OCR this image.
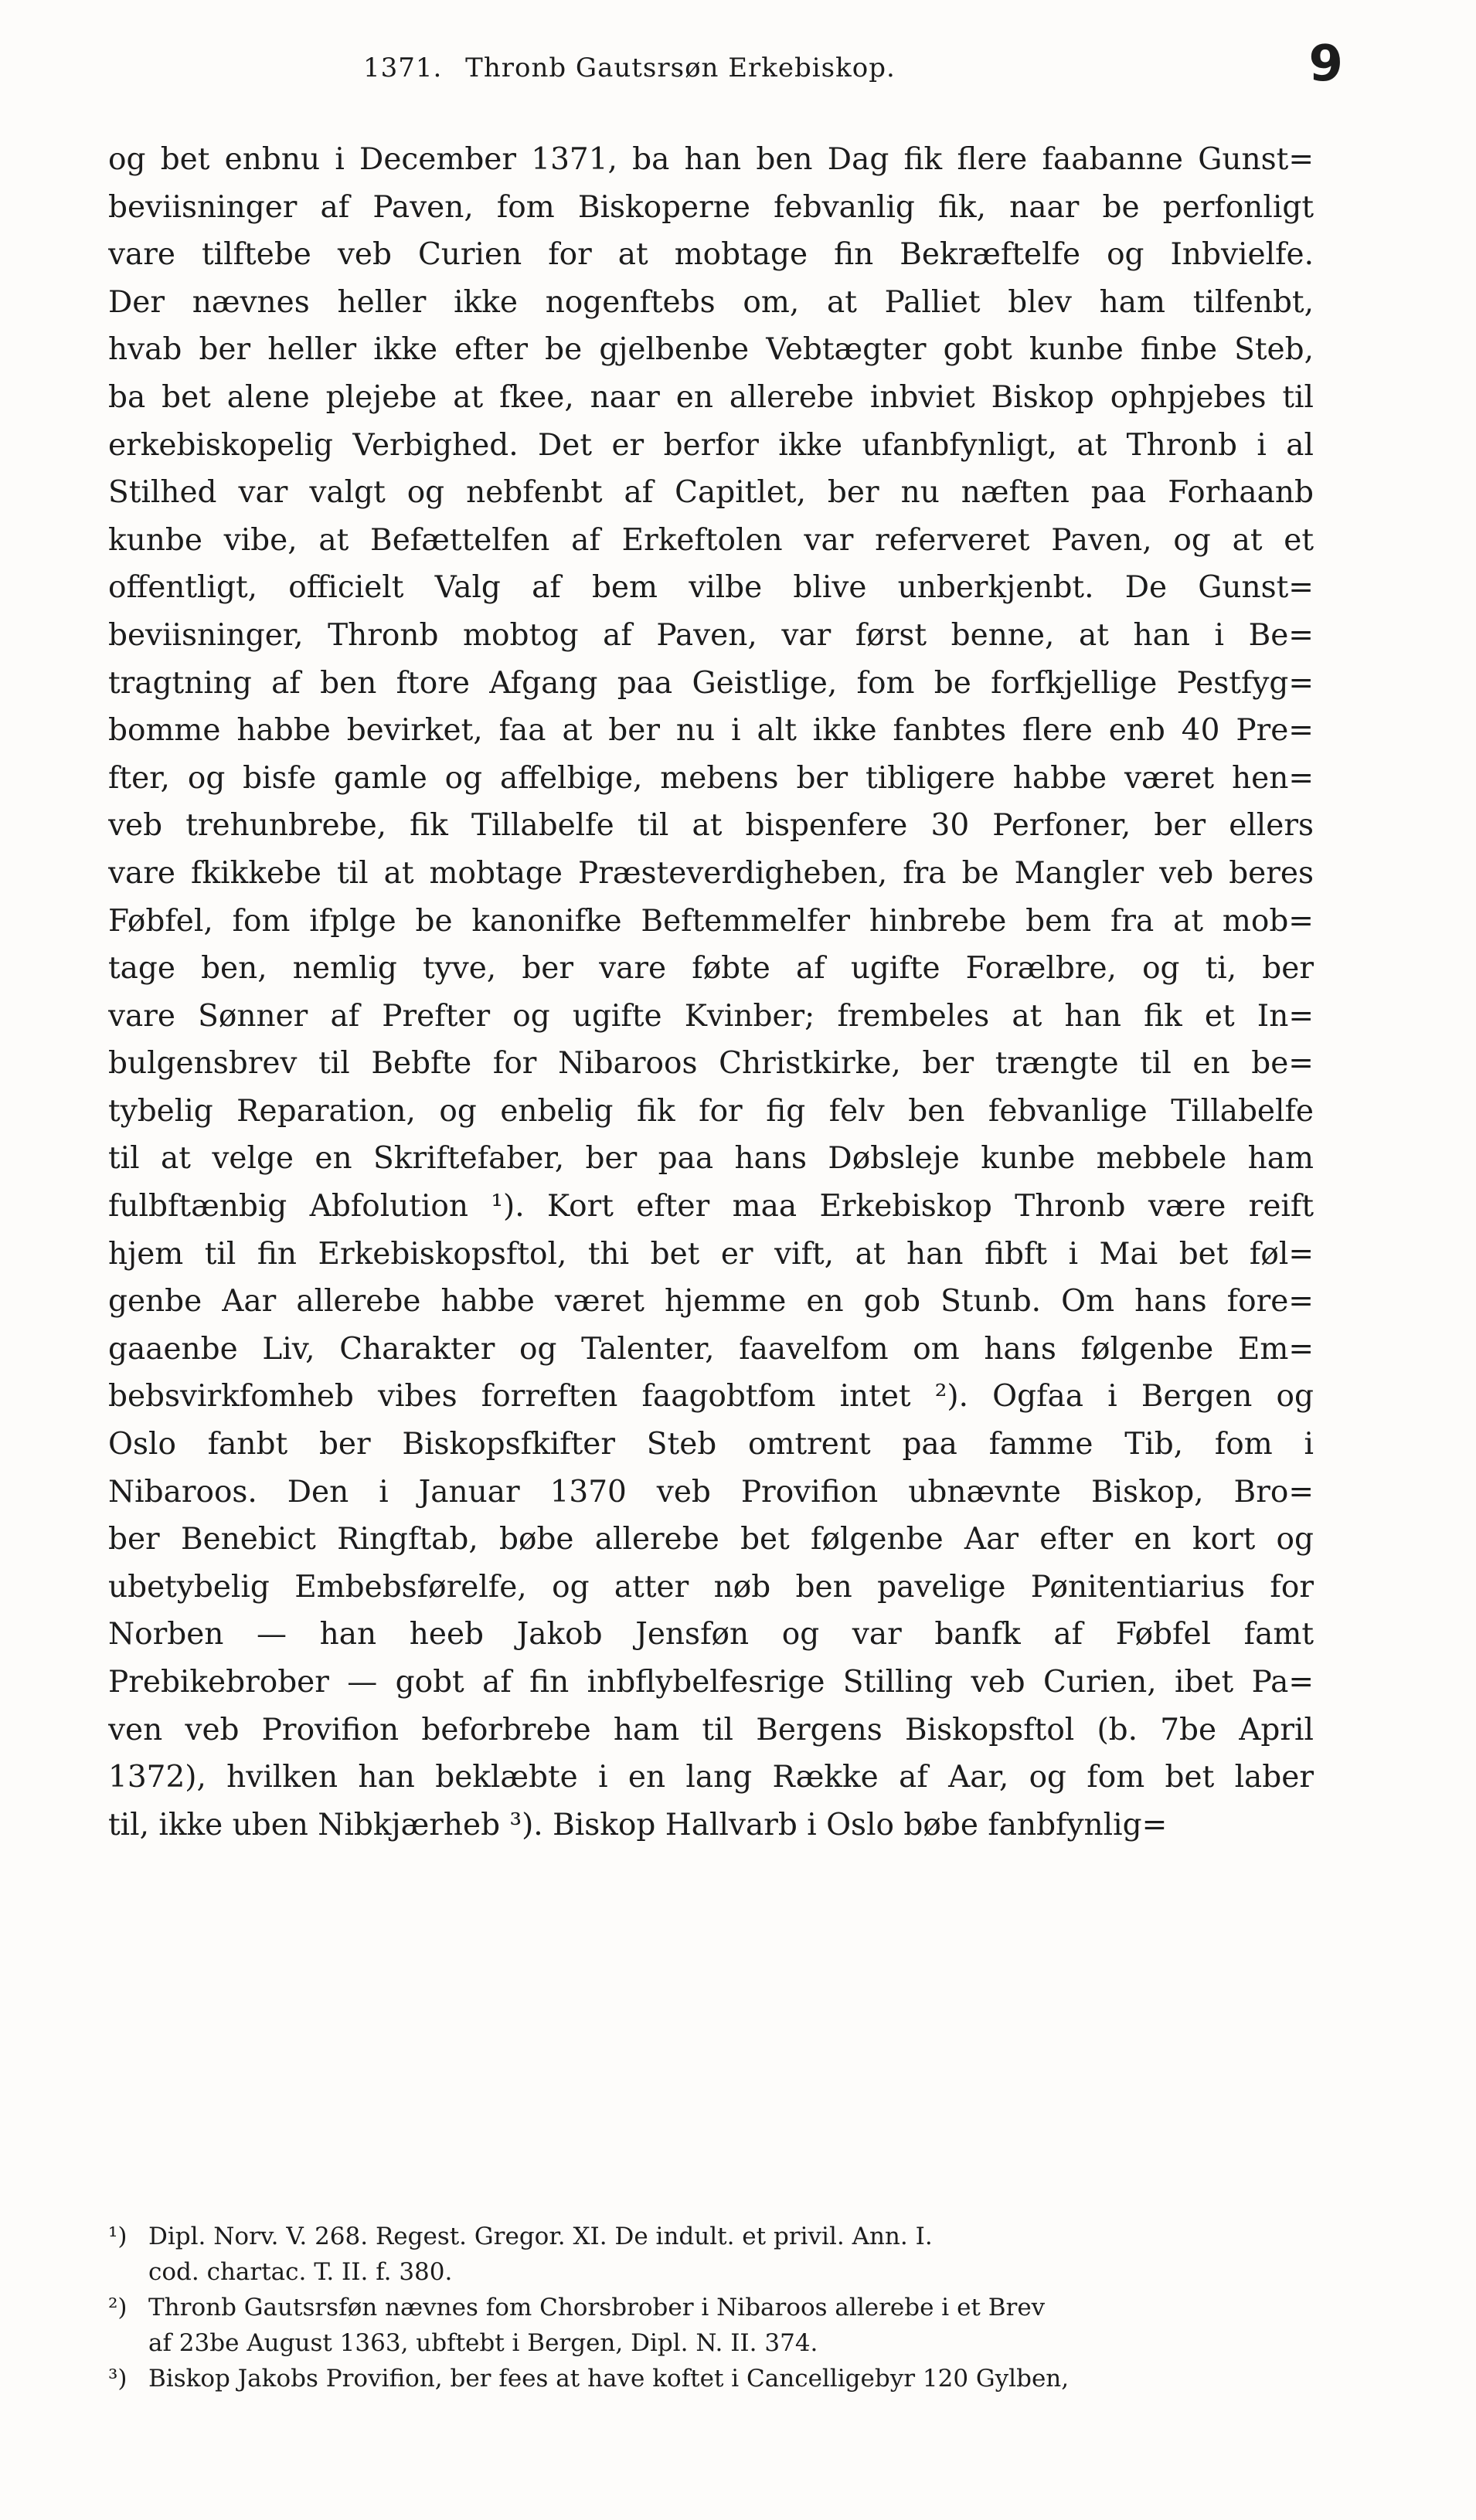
1371. Thronb Gautsrsøn Erkebiskop.	9
og bet enbnu i December 1371, ba han ben Dag fik flere faabanne Gunst=
beviisninger af Paven, fom Biskoperne febvanlig fik, naar be perfonligt
vare tilftebe veb Curien for at mobtage fin Bekræftelfe og Inbvielfe.
Der nævnes heller ikke nogenftebs om, at Palliet blev ham tilfenbt,
hvab ber heller ikke efter be gjelbenbe Vebtægter gobt kunbe finbe Steb,
ba bet alene plejebe at fkee, naar en allerebe inbviet Biskop ophpjebes til
erkebiskopelig Verbighed. Det er berfor ikke ufanbfynligt, at Thronb i al
Stilhed var valgt og nebfenbt af Capitlet, ber nu næften paa Forhaanb
kunbe vibe, at Befættelfen af Erkeftolen var referveret Paven, og at et
offentligt, officielt Valg af bem vilbe blive unberkjenbt. De Gunst=
beviisninger, Thronb mobtog af Paven, var først benne, at han i Be=
tragtning af ben ftore Afgang paa Geistlige, fom be forfkjellige Pestfyg=
bomme habbe bevirket, faa at ber nu i alt ikke fanbtes flere enb 40 Pre=
fter, og bisfe gamle og affelbige, mebens ber tibligere habbe været hen=
veb trehunbrebe, fik Tillabelfe til at bispenfere 30 Perfoner, ber ellers
vare fkikkebe til at mobtage Præsteverdigheben, fra be Mangler veb beres
Føbfel, fom ifplge be kanonifke Beftemmelfer hinbrebe bem fra at mob=
tage ben, nemlig tyve, ber vare føbte af ugifte Forælbre, og ti, ber
vare Sønner af Prefter og ugifte Kvinber; frembeles at han fik et In=
bulgensbrev til Bebfte for Nibaroos Christkirke, ber trængte til en be=
tybelig Reparation, og enbelig fik for fig felv ben febvanlige Tillabelfe
til at velge en Skriftefaber, ber paa hans Døbsleje kunbe mebbele ham
fulbftænbig Abfolution ¹). Kort efter maa Erkebiskop Thronb være reift
hjem til fin Erkebiskopsftol, thi bet er vift, at han fibft i Mai bet føl=
genbe Aar allerebe habbe været hjemme en gob Stunb. Om hans fore=
gaaenbe Liv, Charakter og Talenter, faavelfom om hans følgenbe Em=
bebsvirkfomheb vibes forreften faagobtfom intet ²). Ogfaa i Bergen og
Oslo fanbt ber Biskopsfkifter Steb omtrent paa famme Tib, fom i
Nibaroos. Den i Januar 1370 veb Provifion ubnævnte Biskop, Bro=
ber Benebict Ringftab, bøbe allerebe bet følgenbe Aar efter en kort og
ubetybelig Embebsførelfe, og atter nøb ben pavelige Pønitentiarius for
Norben — han heeb Jakob Jensføn og var banfk af Føbfel famt
Prebikebrober — gobt af fin inbflybelfesrige Stilling veb Curien, ibet Pa=
ven veb Provifion beforbrebe ham til Bergens Biskopsftol (b. 7be April
1372), hvilken han beklæbte i en lang Række af Aar, og fom bet laber
til, ikke uben Nibkjærheb ³). Biskop Hallvarb i Oslo bøbe fanbfynlig=
¹) Dipl. Norv. V. 268. Regest. Gregor. XI. De indult. et privil. Ann. I.
cod. chartac. T. II. f. 380.
²) Thronb Gautsrsføn nævnes fom Chorsbrober i Nibaroos allerebe i et Brev
af 23be August 1363, ubftebt i Bergen, Dipl. N. II. 374.
³) Biskop Jakobs Provifion, ber fees at have koftet i Cancelligebyr 120 Gylben,
